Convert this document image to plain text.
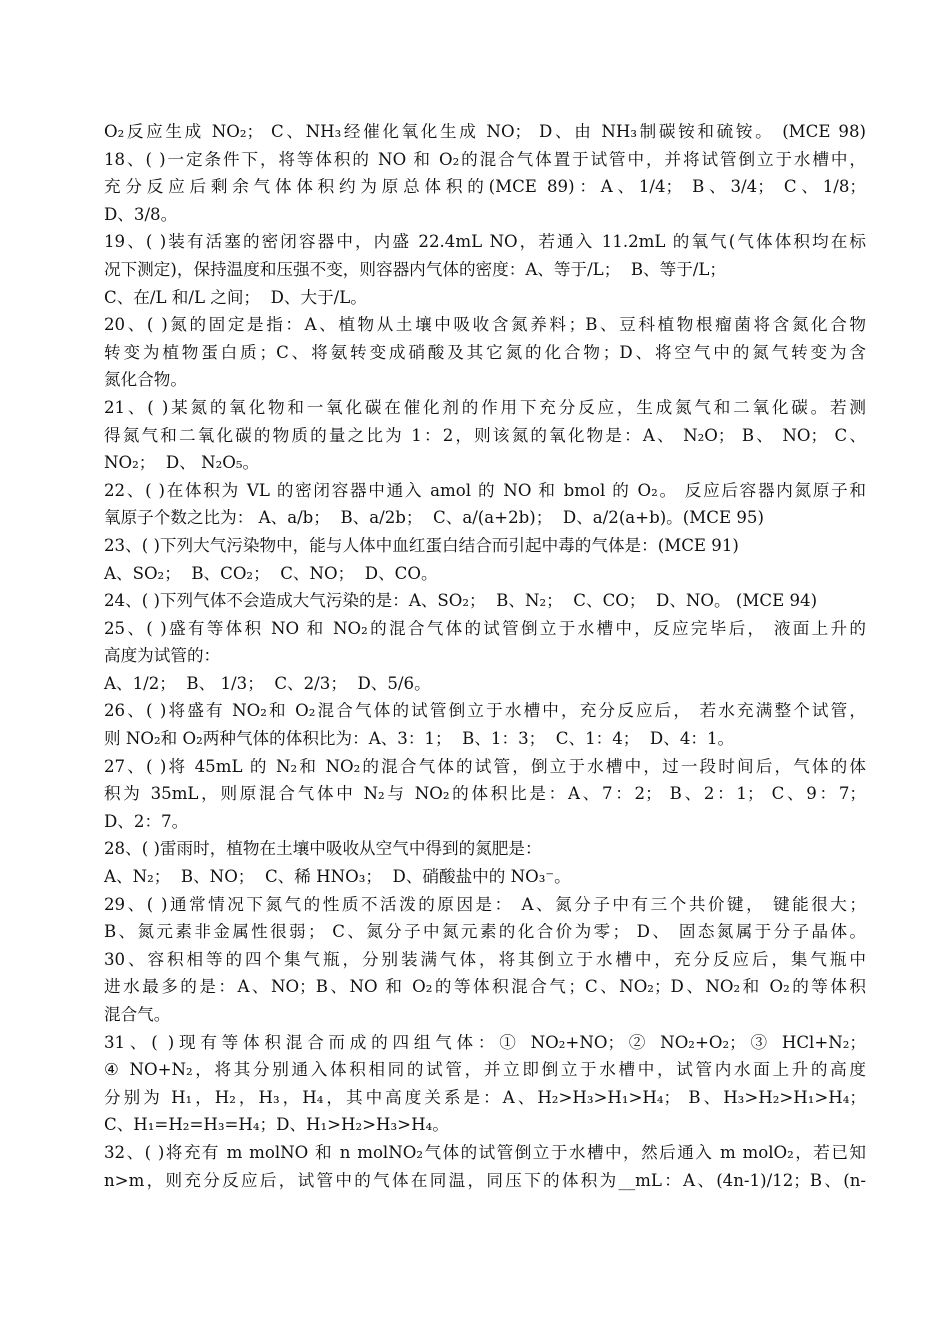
O₂反应生成 NO₂； C、NH₃经催化氧化生成 NO； D、由 NH₃制碳铵和硫铵。 (MCE 98)
18、( )一定条件下，将等体积的 NO 和 O₂的混合气体置于试管中，并将试管倒立于水槽中，
充分反应后剩余气体体积约为原总体积的(MCE 89)：A、1/4； B、3/4； C、1/8；
D、3/8。
19、( )装有活塞的密闭容器中，内盛 22.4mL NO，若通入 11.2mL 的氧气(气体体积均在标
况下测定)，保持温度和压强不变，则容器内气体的密度：A、等于/L；  B、等于/L；
C、在/L 和/L 之间；  D、大于/L。
20、( )氮的固定是指：A、植物从土壤中吸收含氮养料；B、豆科植物根瘤菌将含氮化合物
转变为植物蛋白质；C、将氨转变成硝酸及其它氮的化合物；D、将空气中的氮气转变为含
氮化合物。
21、( )某氮的氧化物和一氧化碳在催化剂的作用下充分反应，生成氮气和二氧化碳。若测
得氮气和二氧化碳的物质的量之比为 1：2，则该氮的氧化物是：A、 N₂O； B、 NO； C、
NO₂；  D、 N₂O₅。
22、( )在体积为 VL 的密闭容器中通入 amol 的 NO 和 bmol 的 O₂。 反应后容器内氮原子和
氧原子个数之比为： A、a/b；  B、a/2b；  C、a/(a+2b)；  D、a/2(a+b)。(MCE 95)
23、( )下列大气污染物中，能与人体中血红蛋白结合而引起中毒的气体是：(MCE 91)
A、SO₂；  B、CO₂；  C、NO；  D、CO。
24、( )下列气体不会造成大气污染的是：A、SO₂；  B、N₂；  C、CO；  D、NO。 (MCE 94)
25、( )盛有等体积 NO 和 NO₂的混合气体的试管倒立于水槽中，反应完毕后， 液面上升的
高度为试管的：
A、1/2；  B、 1/3；  C、2/3；  D、5/6。
26、( )将盛有 NO₂和 O₂混合气体的试管倒立于水槽中，充分反应后， 若水充满整个试管，
则 NO₂和 O₂两种气体的体积比为：A、3：1；  B、1：3；  C、1：4；  D、4：1。
27、( )将 45mL 的 N₂和 NO₂的混合气体的试管，倒立于水槽中，过一段时间后，气体的体
积为 35mL，则原混合气体中 N₂与 NO₂的体积比是：A、7：2； B、2：1； C、9：7；
D、2：7。
28、( )雷雨时，植物在土壤中吸收从空气中得到的氮肥是：
A、N₂；  B、NO；  C、稀 HNO₃；  D、硝酸盐中的 NO₃⁻。
29、( )通常情况下氮气的性质不活泼的原因是： A、氮分子中有三个共价键， 键能很大；
B、氮元素非金属性很弱； C、氮分子中氮元素的化合价为零； D、 固态氮属于分子晶体。
30、容积相等的四个集气瓶，分别装满气体，将其倒立于水槽中，充分反应后，集气瓶中
进水最多的是：A、NO；B、NO 和 O₂的等体积混合气；C、NO₂；D、NO₂和 O₂的等体积
混合气。
31、( )现有等体积混合而成的四组气体：① NO₂+NO；② NO₂+O₂；③ HCl+N₂；
④ NO+N₂，将其分别通入体积相同的试管，并立即倒立于水槽中，试管内水面上升的高度
分别为 H₁，H₂，H₃，H₄，其中高度关系是：A、H₂>H₃>H₁>H₄； B、H₃>H₂>H₁>H₄；
C、H₁=H₂=H₃=H₄；D、H₁>H₂>H₃>H₄。
32、( )将充有 m molNO 和 n molNO₂气体的试管倒立于水槽中，然后通入 m molO₂，若已知
n>m，则充分反应后，试管中的气体在同温，同压下的体积为__mL：A、(4n-1)/12；B、(n-
